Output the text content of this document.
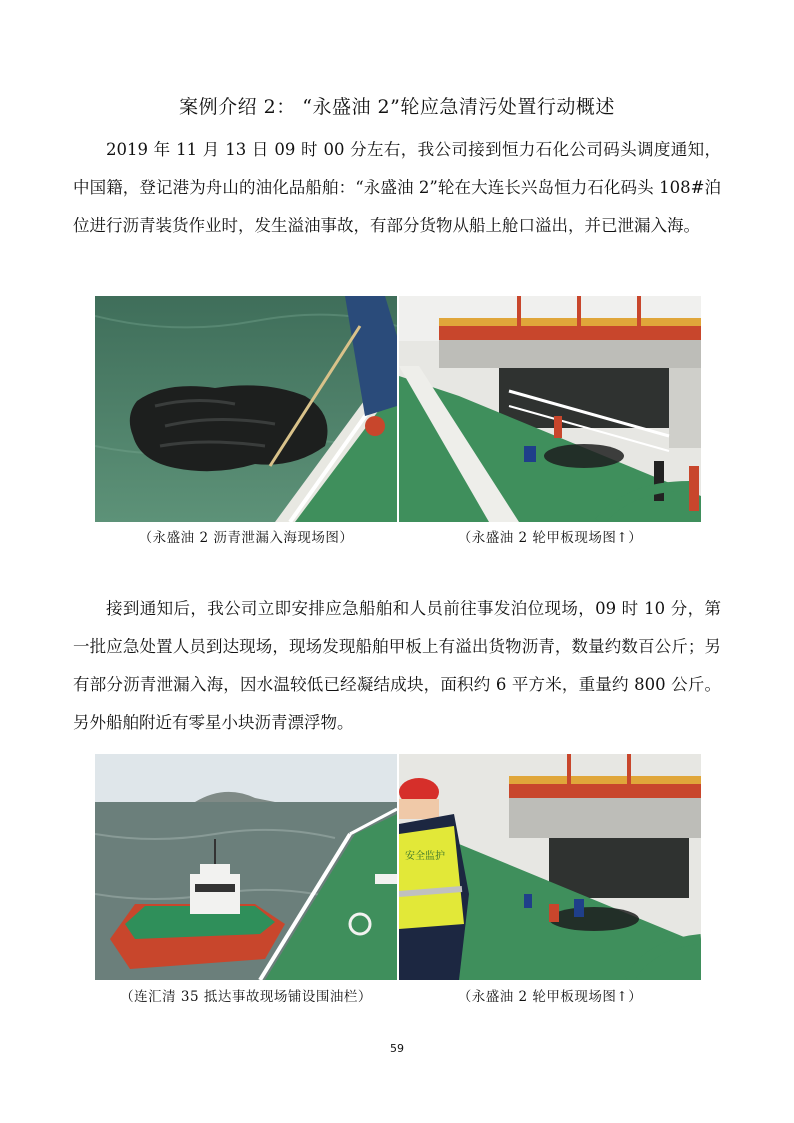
案例介绍 2： “永盛油 2”轮应急清污处置行动概述

2019 年 11 月 13 日 09 时 00 分左右，我公司接到恒力石化公司码头调度通知，中国籍，登记港为舟山的油化品船舶：“永盛油 2”轮在大连长兴岛恒力石化码头 108#泊位进行沥青装货作业时，发生溢油事故，有部分货物从船上舱口溢出，并已泄漏入海。

（永盛油 2 沥青泄漏入海现场图）	（永盛油 2 轮甲板现场图↑）

接到通知后，我公司立即安排应急船舶和人员前往事发泊位现场，09 时 10 分，第一批应急处置人员到达现场，现场发现船舶甲板上有溢出货物沥青，数量约数百公斤；另有部分沥青泄漏入海，因水温较低已经凝结成块，面积约 6 平方米，重量约 800 公斤。另外船舶附近有零星小块沥青漂浮物。

（连汇清 35 抵达事故现场铺设围油栏）
安全监护
（永盛油 2 轮甲板现场图↑）
59
